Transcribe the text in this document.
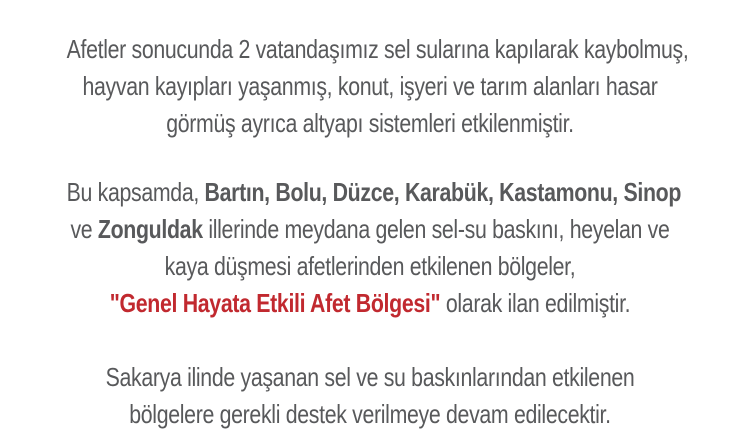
Afetler sonucunda 2 vatandaşımız sel sularına kapılarak kaybolmuş,
hayvan kayıpları yaşanmış, konut, işyeri ve tarım alanları hasar
görmüş ayrıca altyapı sistemleri etkilenmiştir.

Bu kapsamda, Bartın, Bolu, Düzce, Karabük, Kastamonu, Sinop
ve Zonguldak illerinde meydana gelen sel-su baskını, heyelan ve
kaya düşmesi afetlerinden etkilenen bölgeler,
"Genel Hayata Etkili Afet Bölgesi" olarak ilan edilmiştir.

Sakarya ilinde yaşanan sel ve su baskınlarından etkilenen
bölgelere gerekli destek verilmeye devam edilecektir.
